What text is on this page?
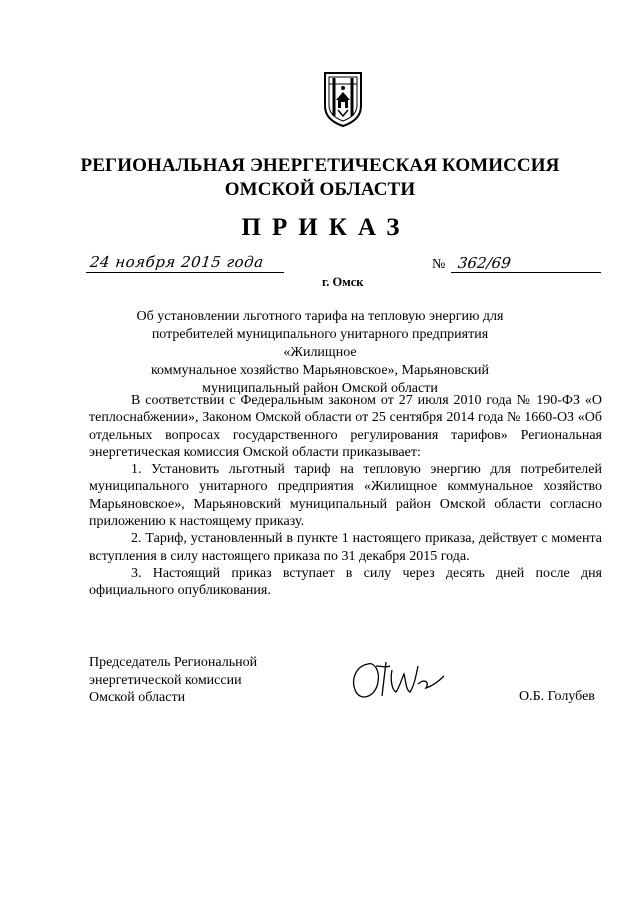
РЕГИОНАЛЬНАЯ ЭНЕРГЕТИЧЕСКАЯ КОМИССИЯ
ОМСКОЙ ОБЛАСТИ
ПРИКАЗ
24 ноября 2015 года
г. Омск
№ 362/69
Об установлении льготного тарифа на тепловую энергию для
потребителей муниципального унитарного предприятия «Жилищное
коммунальное хозяйство Марьяновское», Марьяновский
муниципальный район Омской области

В соответствии с Федеральным законом от 27 июля 2010 года № 190-ФЗ «О теплоснабжении», Законом Омской области от 25 сентября 2014 года № 1660-ОЗ «Об отдельных вопросах государственного регулирования тарифов» Региональная энергетическая комиссия Омской области приказывает:

1. Установить льготный тариф на тепловую энергию для потребителей муниципального унитарного предприятия «Жилищное коммунальное хозяйство Марьяновское», Марьяновский муниципальный район Омской области согласно приложению к настоящему приказу.

2. Тариф, установленный в пункте 1 настоящего приказа, действует с момента вступления в силу настоящего приказа по 31 декабря 2015 года.

3. Настоящий приказ вступает в силу через десять дней после дня официального опубликования.

Председатель Региональной
энергетической комиссии
Омской области	О.Б. Голубев
